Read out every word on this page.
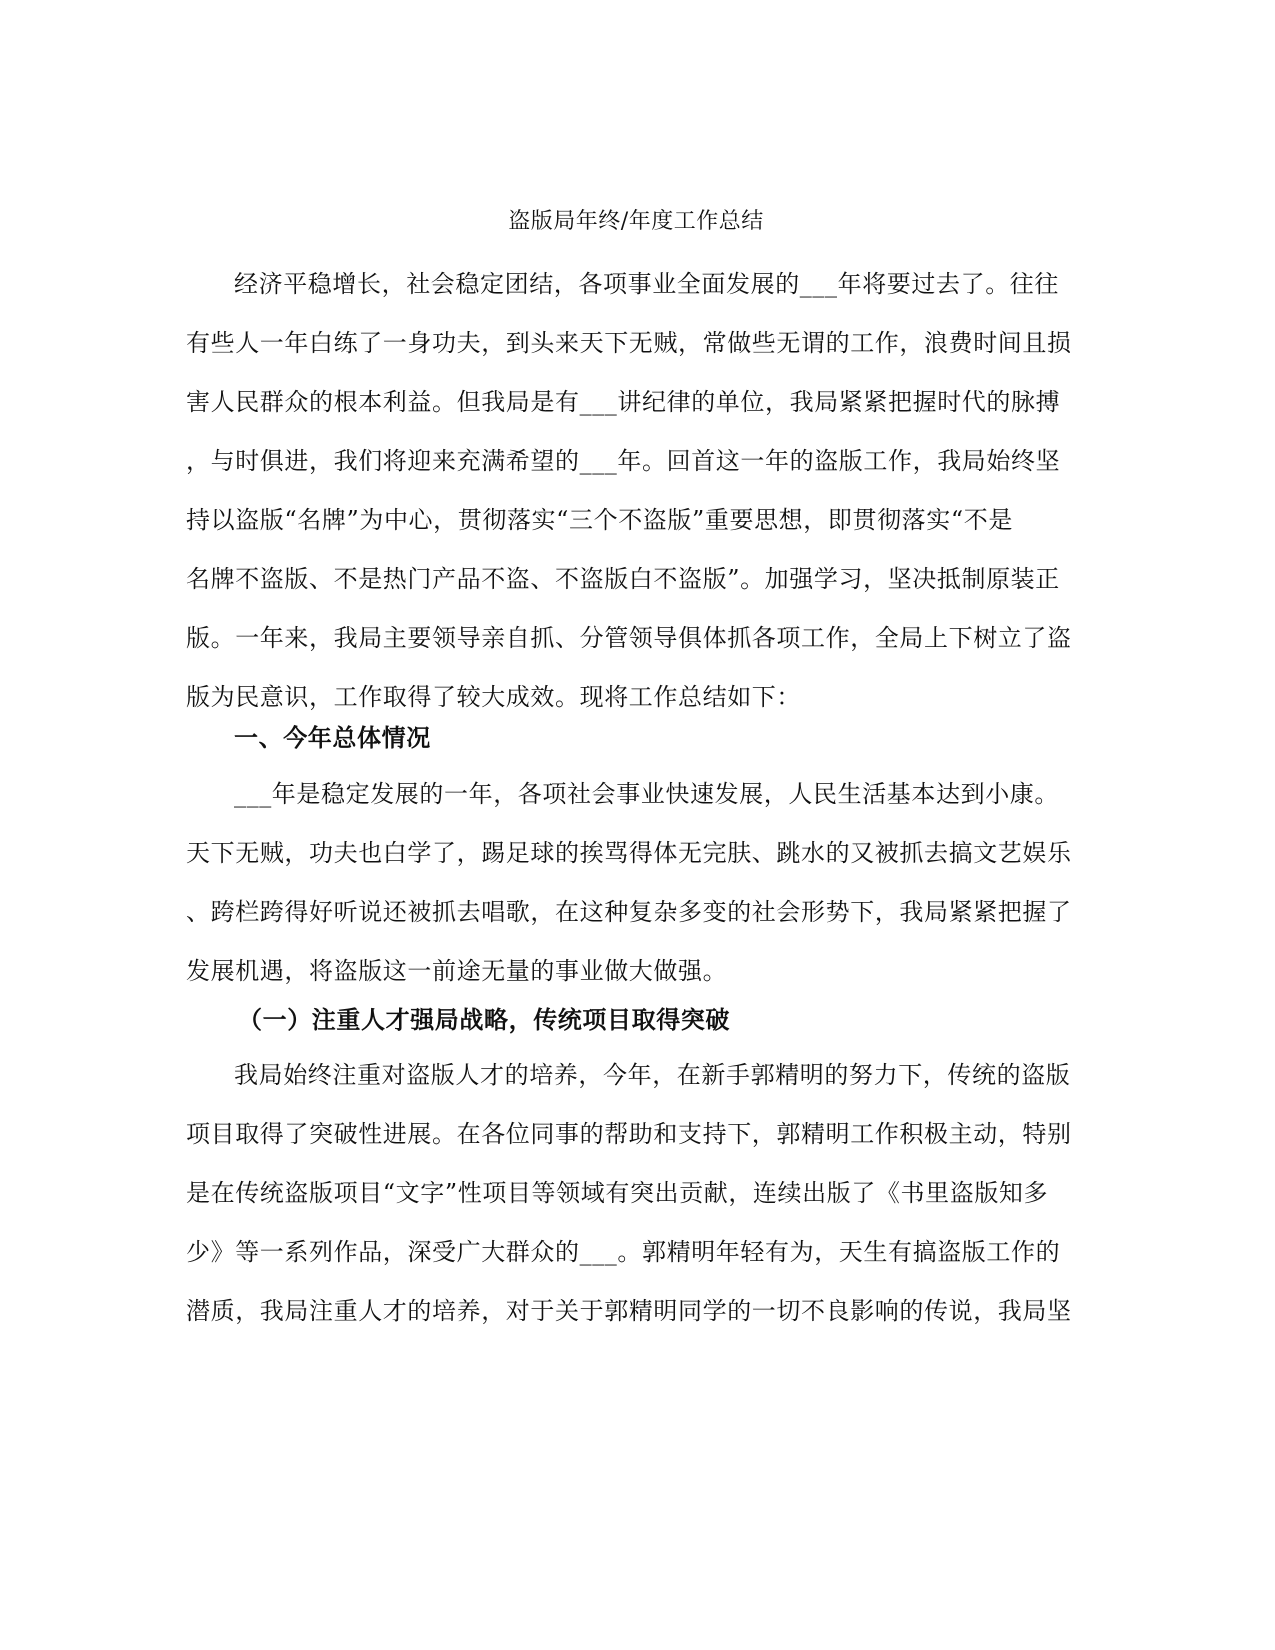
盗版局年终/年度工作总结
经济平稳增长，社会稳定团结，各项事业全面发展的___年将要过去了。往往
有些人一年白练了一身功夫，到头来天下无贼，常做些无谓的工作，浪费时间且损
害人民群众的根本利益。但我局是有___讲纪律的单位，我局紧紧把握时代的脉搏
，与时俱进，我们将迎来充满希望的___年。回首这一年的盗版工作，我局始终坚
持以盗版“名牌”为中心，贯彻落实“三个不盗版”重要思想，即贯彻落实“不是
名牌不盗版、不是热门产品不盗、不盗版白不盗版”。加强学习，坚决抵制原装正
版。一年来，我局主要领导亲自抓、分管领导俱体抓各项工作，全局上下树立了盗
版为民意识，工作取得了较大成效。现将工作总结如下：
一、今年总体情况
___年是稳定发展的一年，各项社会事业快速发展，人民生活基本达到小康。
天下无贼，功夫也白学了，踢足球的挨骂得体无完肤、跳水的又被抓去搞文艺娱乐
、跨栏跨得好听说还被抓去唱歌，在这种复杂多变的社会形势下，我局紧紧把握了
发展机遇，将盗版这一前途无量的事业做大做强。
（一）注重人才强局战略，传统项目取得突破
我局始终注重对盗版人才的培养，今年，在新手郭精明的努力下，传统的盗版
项目取得了突破性进展。在各位同事的帮助和支持下，郭精明工作积极主动，特别
是在传统盗版项目“文字”性项目等领域有突出贡献，连续出版了《书里盗版知多
少》等一系列作品，深受广大群众的___。郭精明年轻有为，天生有搞盗版工作的
潜质，我局注重人才的培养，对于关于郭精明同学的一切不良影响的传说，我局坚
